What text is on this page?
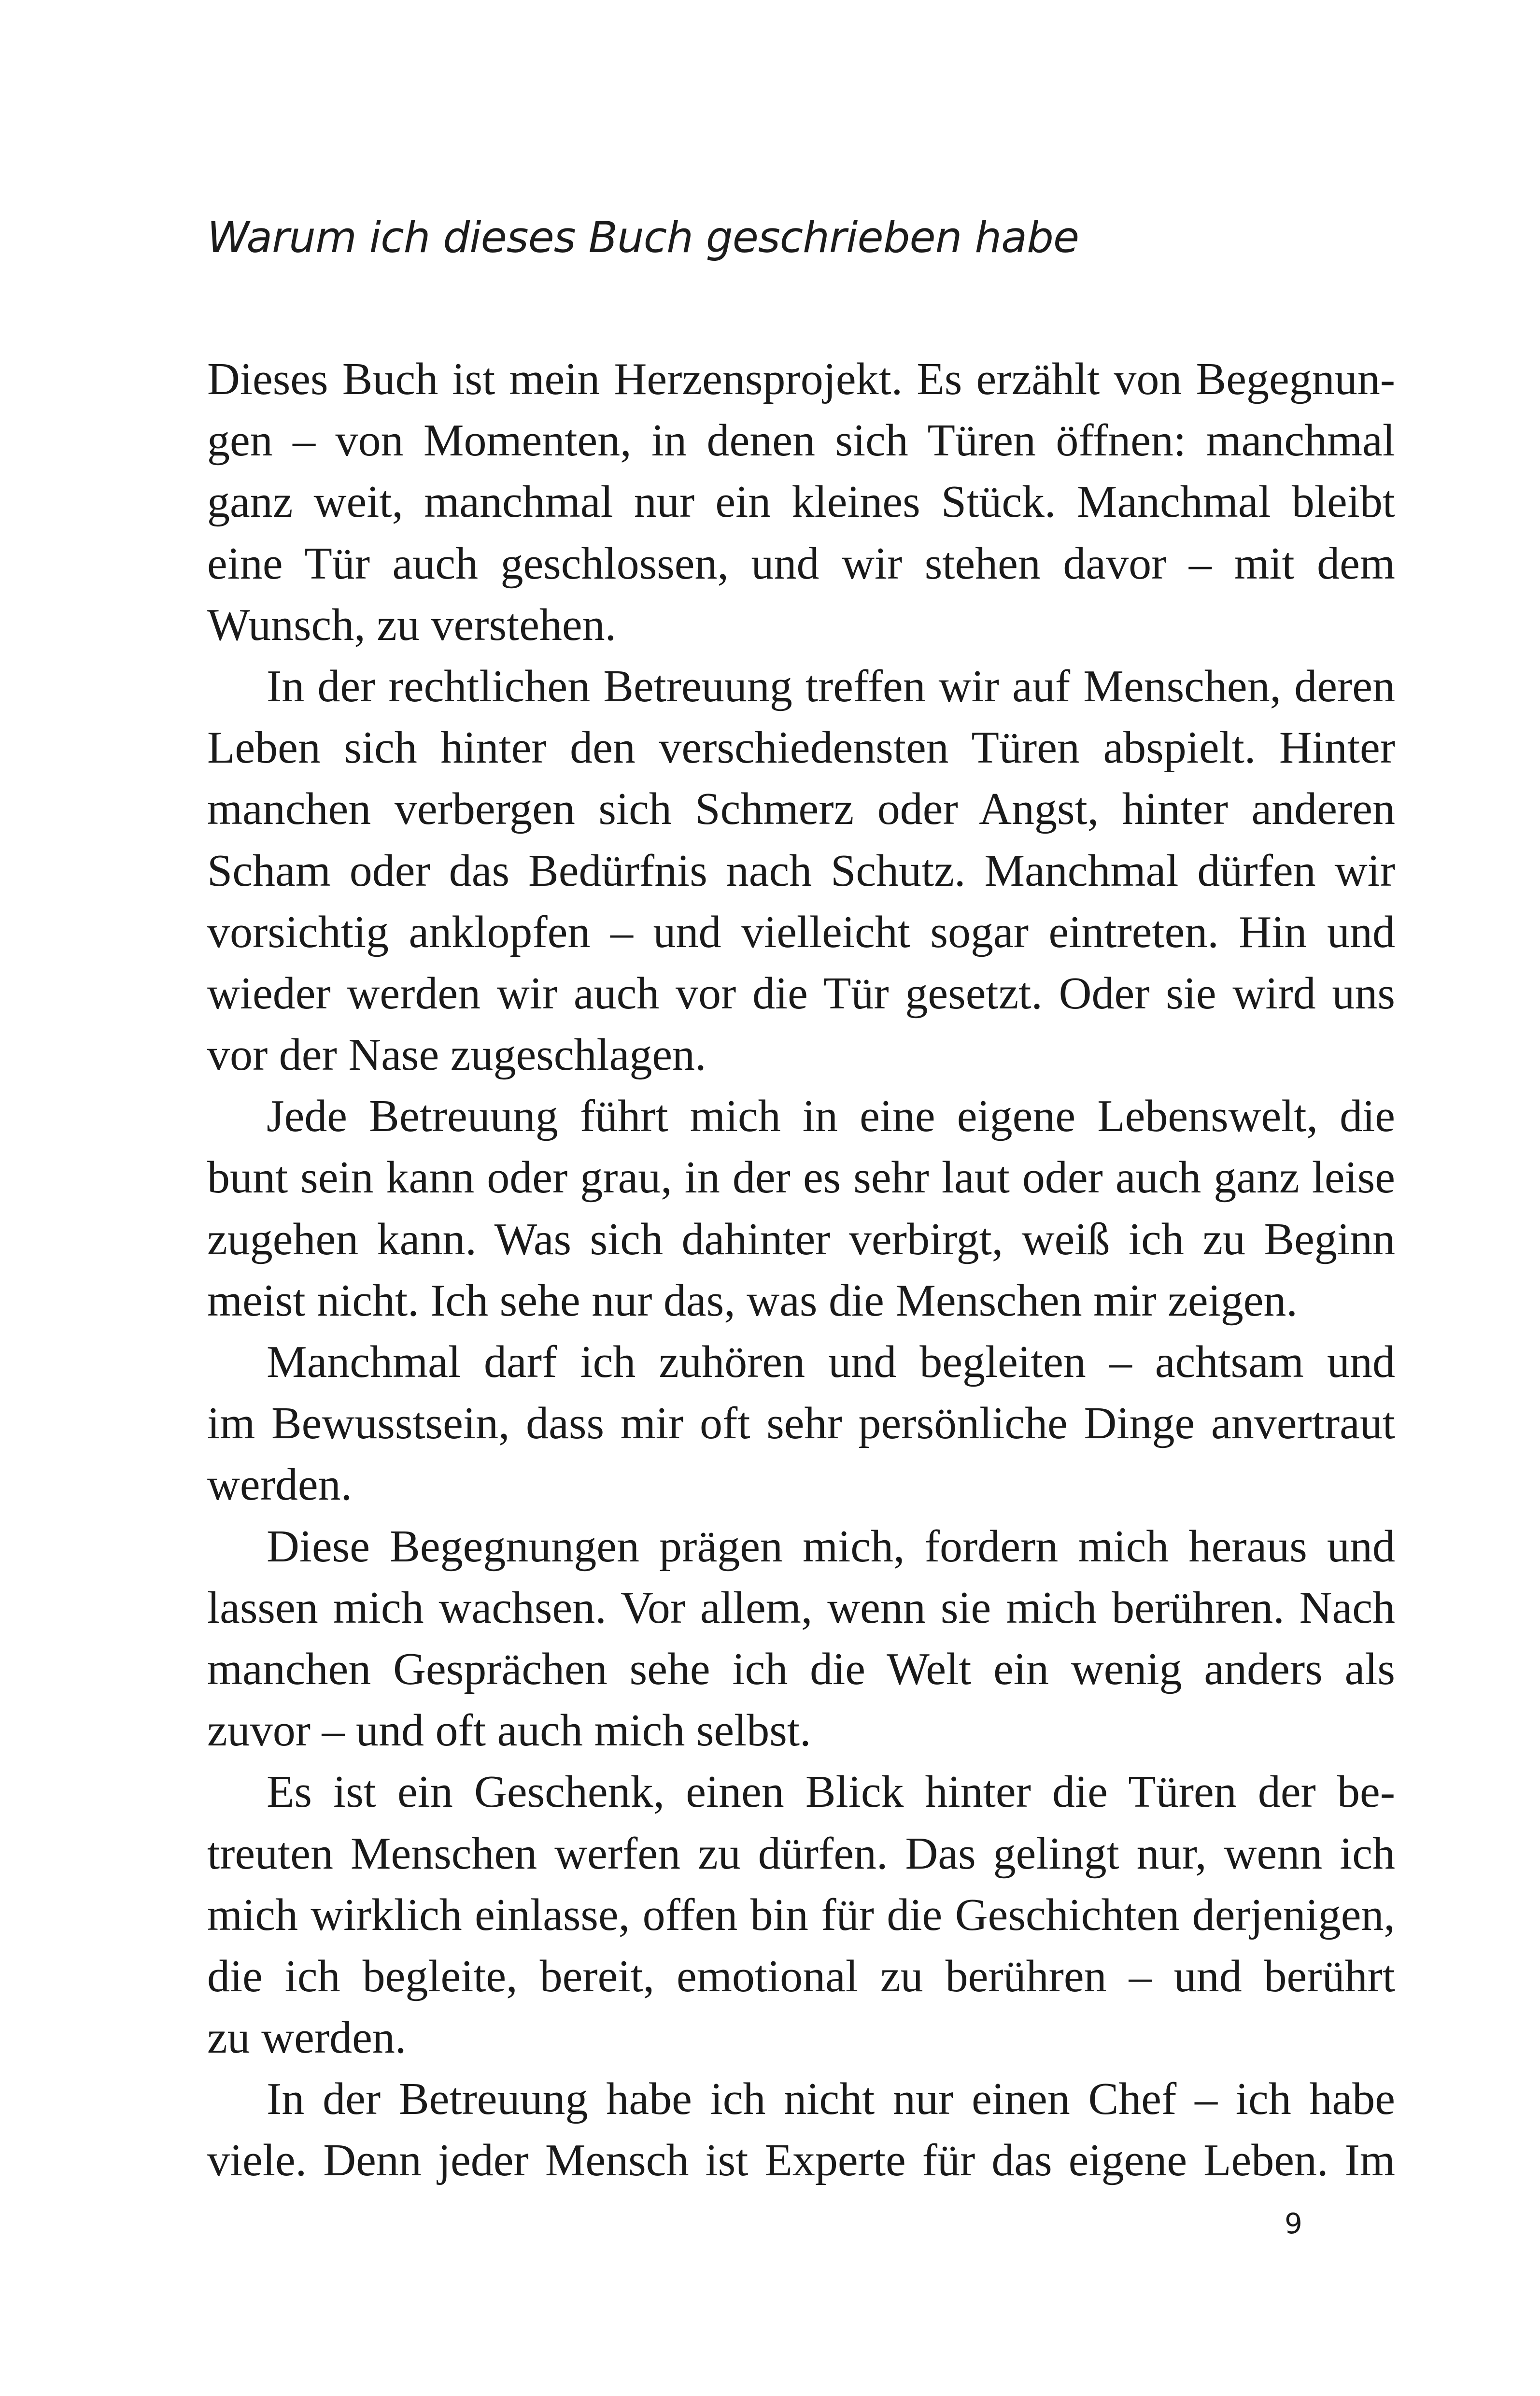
Warum ich dieses Buch geschrieben habe
Dieses Buch ist mein Herzensprojekt. Es erzählt von Begegnun-
gen – von Momenten, in denen sich Türen öffnen: manchmal
ganz weit, manchmal nur ein kleines Stück. Manchmal bleibt
eine Tür auch geschlossen, und wir stehen davor – mit dem
Wunsch, zu verstehen.
In der rechtlichen Betreuung treffen wir auf Menschen, deren
Leben sich hinter den verschiedensten Türen abspielt. Hinter
manchen verbergen sich Schmerz oder Angst, hinter anderen
Scham oder das Bedürfnis nach Schutz. Manchmal dürfen wir
vorsichtig anklopfen – und vielleicht sogar eintreten. Hin und
wieder werden wir auch vor die Tür gesetzt. Oder sie wird uns
vor der Nase zugeschlagen.
Jede Betreuung führt mich in eine eigene Lebenswelt, die
bunt sein kann oder grau, in der es sehr laut oder auch ganz leise
zugehen kann. Was sich dahinter verbirgt, weiß ich zu Beginn
meist nicht. Ich sehe nur das, was die Menschen mir zeigen.
Manchmal darf ich zuhören und begleiten – achtsam und
im Bewusstsein, dass mir oft sehr persönliche Dinge anvertraut
werden.
Diese Begegnungen prägen mich, fordern mich heraus und
lassen mich wachsen. Vor allem, wenn sie mich berühren. Nach
manchen Gesprächen sehe ich die Welt ein wenig anders als
zuvor – und oft auch mich selbst.
Es ist ein Geschenk, einen Blick hinter die Türen der be-
treuten Menschen werfen zu dürfen. Das gelingt nur, wenn ich
mich wirklich einlasse, offen bin für die Geschichten derjenigen,
die ich begleite, bereit, emotional zu berühren – und berührt
zu werden.
In der Betreuung habe ich nicht nur einen Chef – ich habe
viele. Denn jeder Mensch ist Experte für das eigene Leben. Im
9
